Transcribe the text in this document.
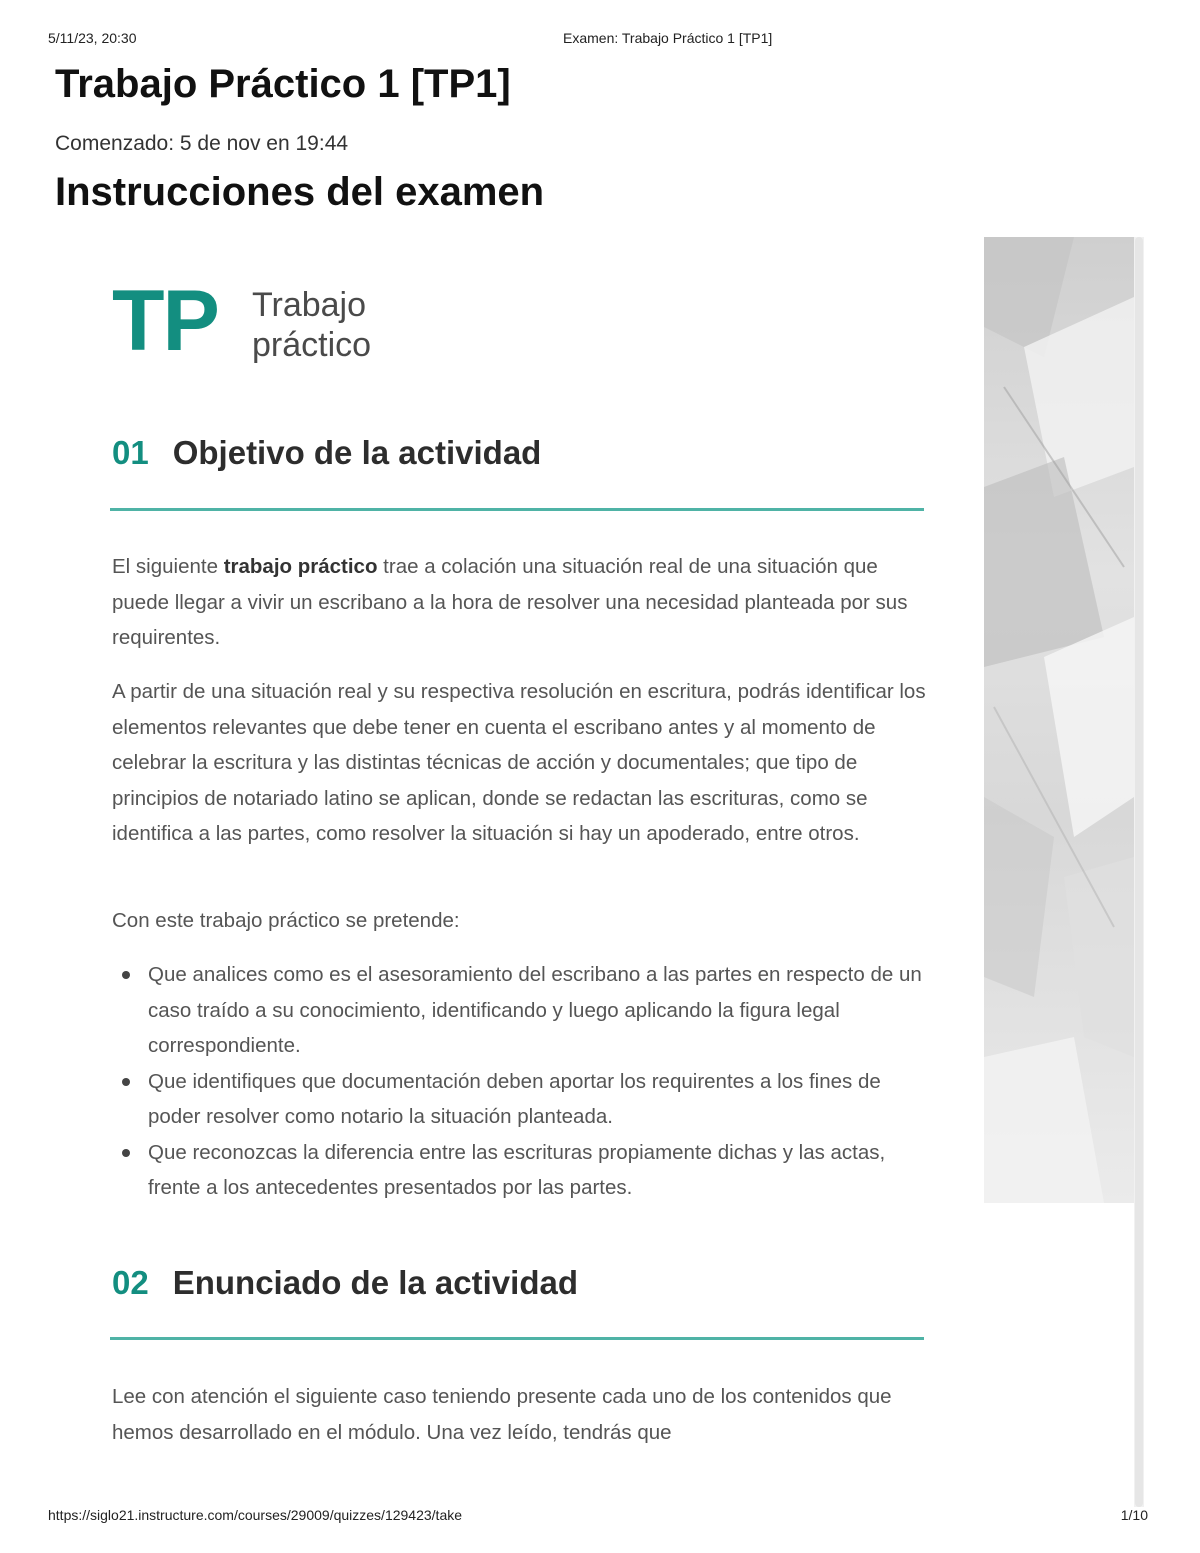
5/11/23, 20:30	Examen: Trabajo Práctico 1 [TP1]
Trabajo Práctico 1 [TP1]
Comenzado: 5 de nov en 19:44
Instrucciones del examen
TP Trabajo
práctico
01 Objetivo de la actividad

El siguiente trabajo práctico trae a colación una situación real de una situación que puede llegar a vivir un escribano a la hora de resolver una necesidad planteada por sus requirentes.

A partir de una situación real y su respectiva resolución en escritura, podrás identificar los elementos relevantes que debe tener en cuenta el escribano antes y al momento de celebrar la escritura y las distintas técnicas de acción y documentales; que tipo de principios de notariado latino se aplican, donde se redactan las escrituras, como se identifica a las partes, como resolver la situación si hay un apoderado, entre otros.

Con este trabajo práctico se pretende:

Que analices como es el asesoramiento del escribano a las partes en respecto de un caso traído a su conocimiento, identificando y luego aplicando la figura legal correspondiente.
Que identifiques que documentación deben aportar los requirentes a los fines de poder resolver como notario la situación planteada.
Que reconozcas la diferencia entre las escrituras propiamente dichas y las actas, frente a los antecedentes presentados por las partes.
02 Enunciado de la actividad

Lee con atención el siguiente caso teniendo presente cada uno de los contenidos que hemos desarrollado en el módulo. Una vez leído, tendrás que

https://siglo21.instructure.com/courses/29009/quizzes/129423/take	1/10
